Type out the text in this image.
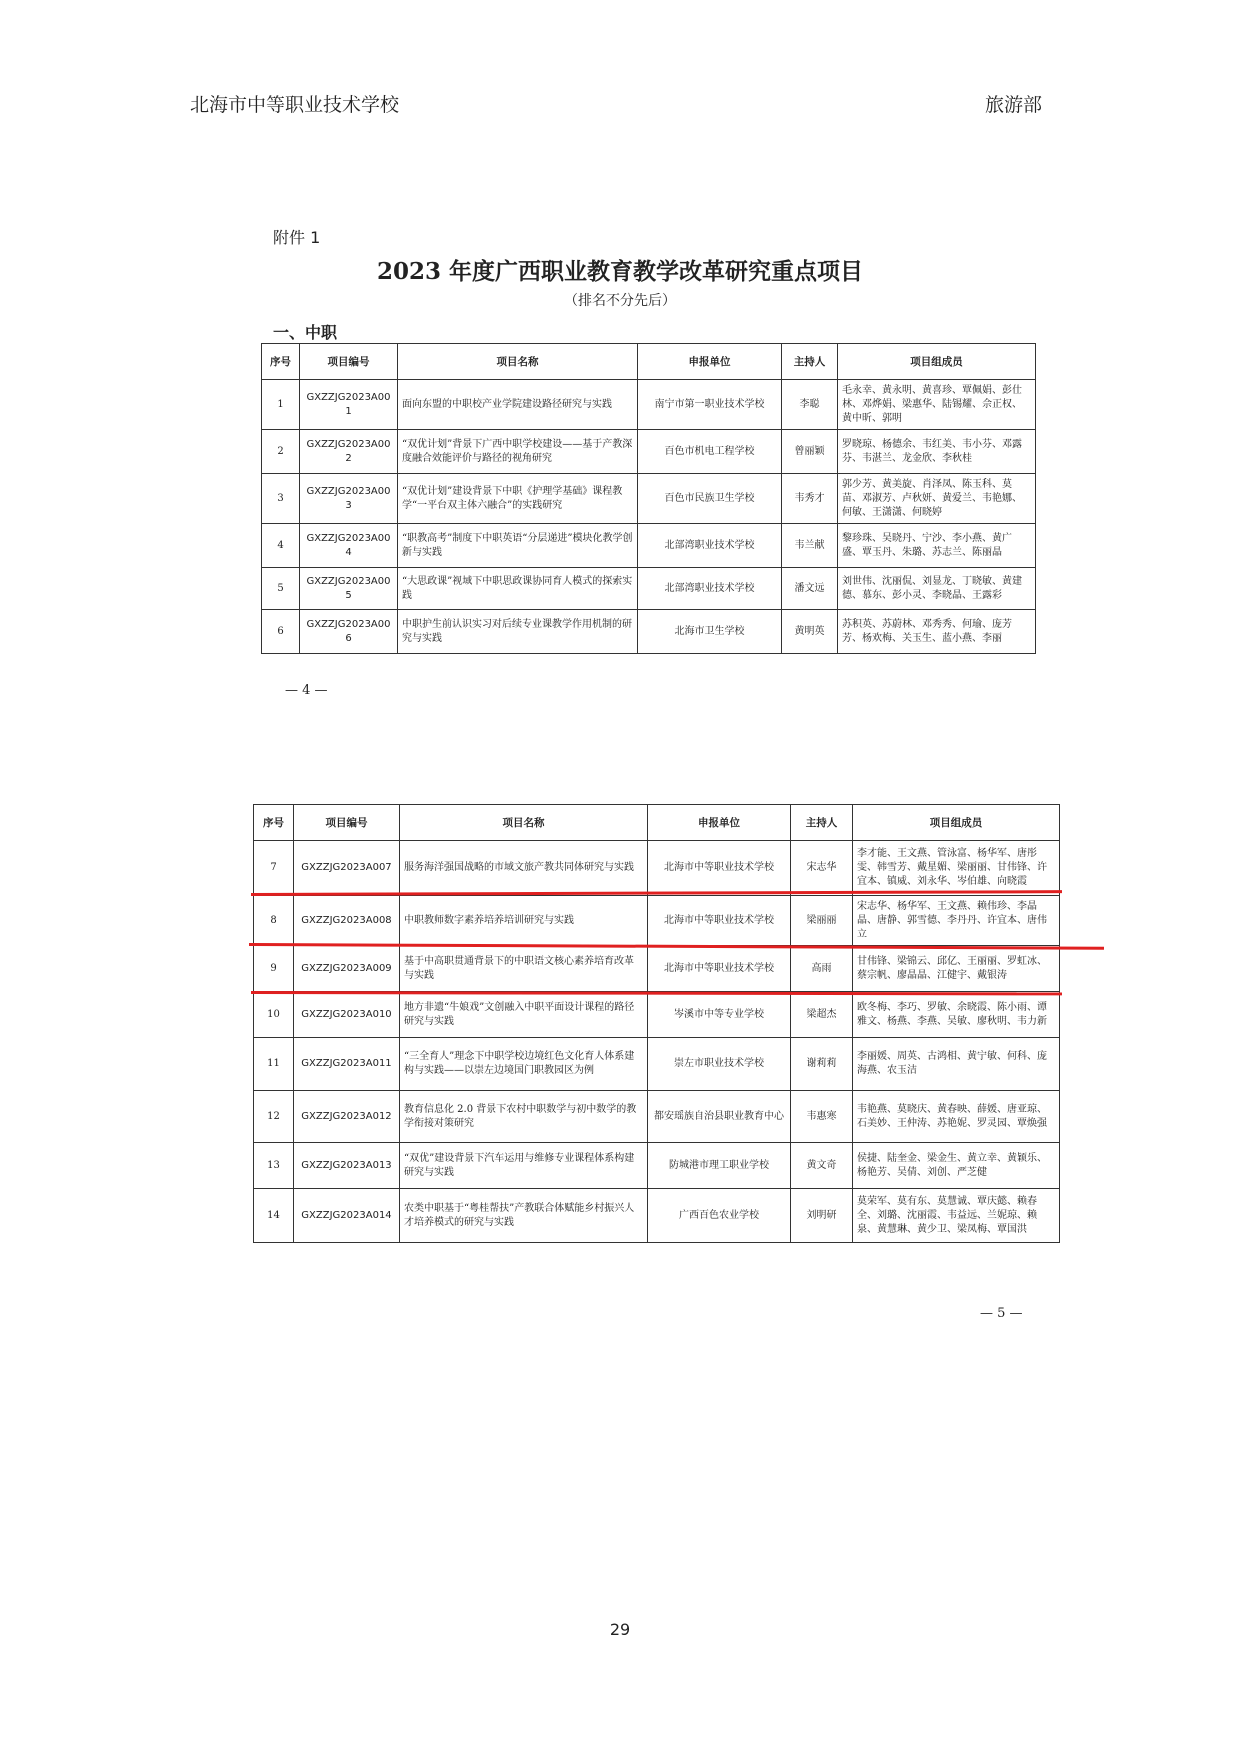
北海市中等职业技术学校	旅游部
附件 1
2023 年度广西职业教育教学改革研究重点项目
（排名不分先后）
一、中职
序号	项目编号	项目名称	申报单位	主持人	项目组成员
1	GXZZJG2023A001	面向东盟的中职校产业学院建设路径研究与实践	南宁市第一职业技术学校	李聪	毛永幸、黄永明、黄喜珍、覃佩娟、彭仕林、邓烨娟、梁惠华、陆锡耀、佘正权、黄中昕、郭明
2	GXZZJG2023A002	“双优计划”背景下广西中职学校建设——基于产教深度融合效能评价与路径的视角研究	百色市机电工程学校	曾丽颖	罗晓琼、杨德余、韦红美、韦小芬、邓露芬、韦湛兰、龙金欣、李秋桂
3	GXZZJG2023A003	“双优计划”建设背景下中职《护理学基础》课程教学“一平台双主体六融合”的实践研究	百色市民族卫生学校	韦秀才	郭少芳、黄美旋、肖泽凤、陈玉科、莫苗、邓淑芳、卢秋妍、黄爱兰、韦艳娜、何敏、王潇潇、何晓婷
4	GXZZJG2023A004	“职教高考”制度下中职英语“分层递进”模块化教学创新与实践	北部湾职业技术学校	韦兰献	黎珍珠、吴晓丹、宁沙、李小燕、黄广盛、覃玉丹、朱璐、苏志兰、陈丽晶
5	GXZZJG2023A005	“大思政课”视域下中职思政课协同育人模式的探索实践	北部湾职业技术学校	潘文远	刘世伟、沈丽侃、刘显龙、丁晓敏、黄建德、慕东、彭小灵、李晓晶、王露彩
6	GXZZJG2023A006	中职护生前认识实习对后续专业课教学作用机制的研究与实践	北海市卫生学校	黄明英	苏积英、苏蔚林、邓秀秀、何瑜、庞芳芳、杨欢梅、关玉生、蓝小燕、李丽
— 4 —
序号	项目编号	项目名称	申报单位	主持人	项目组成员
7	GXZZJG2023A007	服务海洋强国战略的市域文旅产教共同体研究与实践	北海市中等职业技术学校	宋志华	李才能、王文燕、管泳富、杨华军、唐彤雯、韩雪芳、戴星媚、梁丽丽、甘伟锋、许宜本、镇威、刘永华、岑伯雄、向晓霞
8	GXZZJG2023A008	中职教师数字素养培养培训研究与实践	北海市中等职业技术学校	梁丽丽	宋志华、杨华军、王文燕、赖伟珍、李晶晶、唐静、郭雪德、李丹丹、许宜本、唐伟立
9	GXZZJG2023A009	基于中高职贯通背景下的中职语文核心素养培育改革与实践	北海市中等职业技术学校	高雨	甘伟锋、梁锦云、邱亿、王丽丽、罗虹冰、蔡宗帆、廖晶晶、江健宇、戴银涛
10	GXZZJG2023A010	地方非遗“牛娘戏”文创融入中职平面设计课程的路径研究与实践	岑溪市中等专业学校	梁超杰	欧冬梅、李巧、罗敏、余晓霞、陈小雨、谭雅文、杨燕、李燕、吴敏、廖秋明、韦力新
11	GXZZJG2023A011	“三全育人”理念下中职学校边境红色文化育人体系建构与实践——以崇左边境国门职教园区为例	崇左市职业技术学校	谢莉莉	李丽媛、周英、古鸿相、黄宁敏、何科、庞海燕、农玉洁
12	GXZZJG2023A012	教育信息化 2.0 背景下农村中职数学与初中数学的教学衔接对策研究	都安瑶族自治县职业教育中心	韦惠寒	韦艳燕、莫晓庆、黄春映、薛媛、唐亚琼、石美妙、王仲涛、苏艳妮、罗灵园、覃焕强
13	GXZZJG2023A013	“双优”建设背景下汽车运用与维修专业课程体系构建研究与实践	防城港市理工职业学校	黄文奇	侯捷、陆奎金、梁金生、黄立幸、黄颖乐、杨艳芳、吴倩、刘创、严芝健
14	GXZZJG2023A014	农类中职基于“粤桂帮扶”产教联合体赋能乡村振兴人才培养模式的研究与实践	广西百色农业学校	刘明研	莫荣军、莫有东、莫慧诚、覃庆懿、赖春全、刘璐、沈丽霞、韦益远、兰妮琼、赖泉、黄慧琳、黄少卫、梁凤梅、覃国洪
— 5 —
29
